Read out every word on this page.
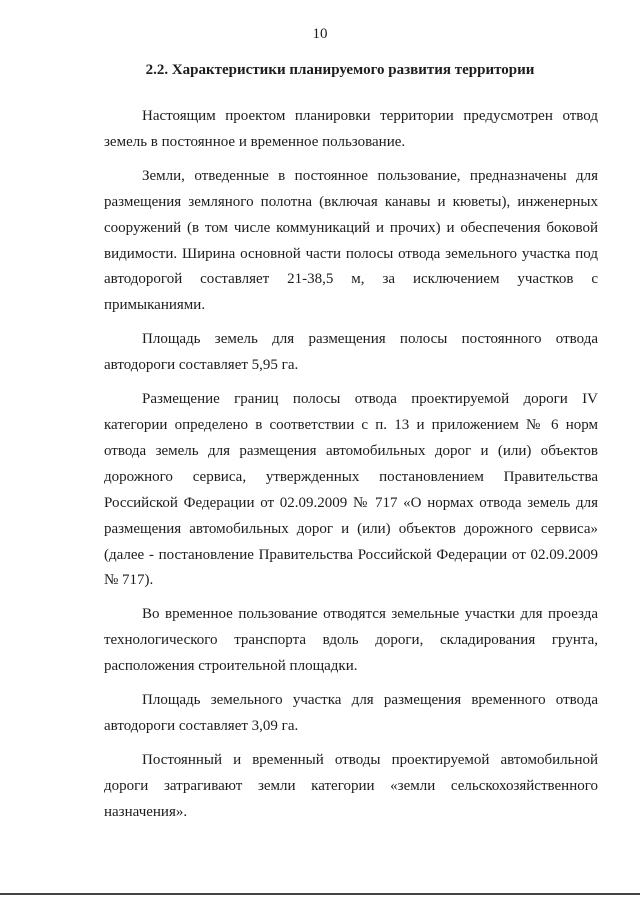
10
2.2. Характеристики планируемого развития территории

Настоящим проектом планировки территории предусмотрен отвод земель в постоянное и временное пользование.

Земли, отведенные в постоянное пользование, предназначены для размещения земляного полотна (включая канавы и кюветы), инженерных сооружений (в том числе коммуникаций и прочих) и обеспечения боковой видимости. Ширина основной части полосы отвода земельного участка под автодорогой составляет 21-38,5 м, за исключением участков с примыканиями.

Площадь земель для размещения полосы постоянного отвода автодороги составляет 5,95 га.

Размещение границ полосы отвода проектируемой дороги IV категории определено в соответствии с п. 13 и приложением № 6 норм отвода земель для размещения автомобильных дорог и (или) объектов дорожного сервиса, утвержденных постановлением Правительства Российской Федерации от 02.09.2009 № 717 «О нормах отвода земель для размещения автомобильных дорог и (или) объектов дорожного сервиса» (далее - постановление Правительства Российской Федерации от 02.09.2009 № 717).

Во временное пользование отводятся земельные участки для проезда технологического транспорта вдоль дороги, складирования грунта, расположения строительной площадки.

Площадь земельного участка для размещения временного отвода автодороги составляет 3,09 га.

Постоянный и временный отводы проектируемой автомобильной дороги затрагивают земли категории «земли сельскохозяйственного назначения».
